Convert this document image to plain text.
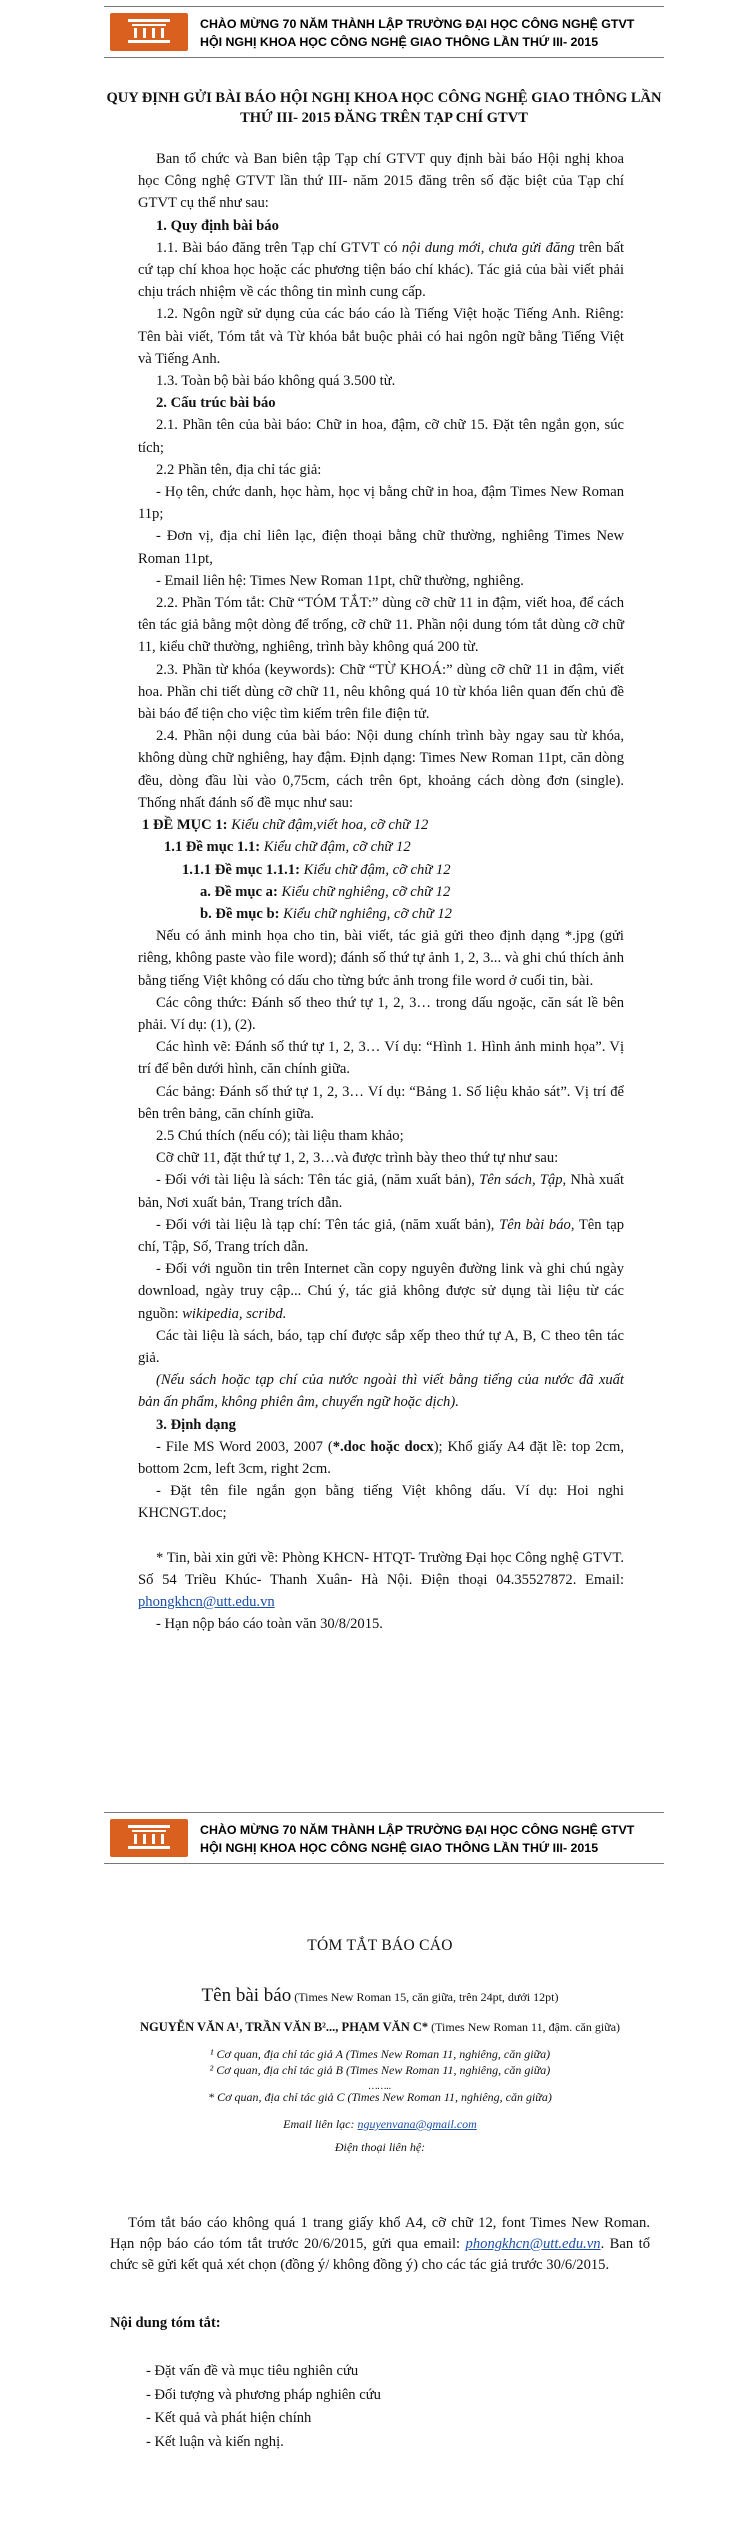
CHÀO MỪNG 70 NĂM THÀNH LẬP TRƯỜNG ĐẠI HỌC CÔNG NGHỆ GTVT
HỘI NGHỊ KHOA HỌC CÔNG NGHỆ GIAO THÔNG LẦN THỨ III- 2015
QUY ĐỊNH GỬI BÀI BÁO HỘI NGHỊ KHOA HỌC CÔNG NGHỆ GIAO THÔNG LẦN THỨ III- 2015 ĐĂNG TRÊN TẠP CHÍ GTVT

Ban tổ chức và Ban biên tập Tạp chí GTVT quy định bài báo Hội nghị khoa học Công nghệ GTVT lần thứ III- năm 2015 đăng trên số đặc biệt của Tạp chí GTVT cụ thể như sau:

1. Quy định bài báo

1.1. Bài báo đăng trên Tạp chí GTVT có nội dung mới, chưa gửi đăng trên bất cứ tạp chí khoa học hoặc các phương tiện báo chí khác). Tác giả của bài viết phải chịu trách nhiệm về các thông tin mình cung cấp.

1.2. Ngôn ngữ sử dụng của các báo cáo là Tiếng Việt hoặc Tiếng Anh. Riêng: Tên bài viết, Tóm tắt và Từ khóa bắt buộc phải có hai ngôn ngữ bằng Tiếng Việt và Tiếng Anh.

1.3. Toàn bộ bài báo không quá 3.500 từ.

2. Cấu trúc bài báo

2.1. Phần tên của bài báo: Chữ in hoa, đậm, cỡ chữ 15. Đặt tên ngắn gọn, súc tích;

2.2 Phần tên, địa chỉ tác giả:

- Họ tên, chức danh, học hàm, học vị bằng chữ in hoa, đậm Times New Roman 11p;

- Đơn vị, địa chỉ liên lạc, điện thoại bằng chữ thường, nghiêng Times New Roman 11pt,

- Email liên hệ: Times New Roman 11pt, chữ thường, nghiêng.

2.2. Phần Tóm tắt: Chữ “TÓM TẮT:” dùng cỡ chữ 11 in đậm, viết hoa, để cách tên tác giả bằng một dòng để trống, cỡ chữ 11. Phần nội dung tóm tắt dùng cỡ chữ 11, kiểu chữ thường, nghiêng, trình bày không quá 200 từ.

2.3. Phần từ khóa (keywords): Chữ “TỪ KHOÁ:” dùng cỡ chữ 11 in đậm, viết hoa. Phần chi tiết dùng cỡ chữ 11, nêu không quá 10 từ khóa liên quan đến chủ đề bài báo để tiện cho việc tìm kiếm trên file điện tử.

2.4. Phần nội dung của bài báo: Nội dung chính trình bày ngay sau từ khóa, không dùng chữ nghiêng, hay đậm. Định dạng: Times New Roman 11pt, căn dòng đều, dòng đầu lùi vào 0,75cm, cách trên 6pt, khoảng cách dòng đơn (single). Thống nhất đánh số đề mục như sau:

1 ĐỀ MỤC 1: Kiểu chữ đậm,viết hoa, cỡ chữ 12

1.1 Đề mục 1.1: Kiểu chữ đậm, cỡ chữ 12

1.1.1 Đề mục 1.1.1: Kiểu chữ đậm, cỡ chữ 12

a. Đề mục a: Kiểu chữ nghiêng, cỡ chữ 12

b. Đề mục b: Kiểu chữ nghiêng, cỡ chữ 12

Nếu có ảnh minh họa cho tin, bài viết, tác giả gửi theo định dạng *.jpg (gửi riêng, không paste vào file word); đánh số thứ tự ảnh 1, 2, 3... và ghi chú thích ảnh bằng tiếng Việt không có dấu cho từng bức ảnh trong file word ở cuối tin, bài.

Các công thức: Đánh số theo thứ tự 1, 2, 3… trong dấu ngoặc, căn sát lề bên phải. Ví dụ: (1), (2).

Các hình vẽ: Đánh số thứ tự 1, 2, 3… Ví dụ: “Hình 1. Hình ảnh minh họa”. Vị trí để bên dưới hình, căn chính giữa.

Các bảng: Đánh số thứ tự 1, 2, 3… Ví dụ: “Bảng 1. Số liệu khảo sát”. Vị trí để bên trên bảng, căn chính giữa.

2.5 Chú thích (nếu có); tài liệu tham khảo;

Cỡ chữ 11, đặt thứ tự 1, 2, 3…và được trình bày theo thứ tự như sau:

- Đối với tài liệu là sách: Tên tác giả, (năm xuất bản), Tên sách, Tập, Nhà xuất bản, Nơi xuất bản, Trang trích dẫn.

- Đối với tài liệu là tạp chí: Tên tác giả, (năm xuất bản), Tên bài báo, Tên tạp chí, Tập, Số, Trang trích dẫn.

- Đối với nguồn tin trên Internet cần copy nguyên đường link và ghi chú ngày download, ngày truy cập... Chú ý, tác giả không được sử dụng tài liệu từ các nguồn: wikipedia, scribd.

Các tài liệu là sách, báo, tạp chí được sắp xếp theo thứ tự A, B, C theo tên tác giả.

(Nếu sách hoặc tạp chí của nước ngoài thì viết bằng tiếng của nước đã xuất bản ấn phẩm, không phiên âm, chuyển ngữ hoặc dịch).

3. Định dạng

- File MS Word 2003, 2007 (*.doc hoặc docx); Khổ giấy A4 đặt lề: top 2cm, bottom 2cm, left 3cm, right 2cm.

- Đặt tên file ngắn gọn bằng tiếng Việt không dấu. Ví dụ: Hoi nghi KHCNGT.doc;

* Tin, bài xin gửi về: Phòng KHCN- HTQT- Trường Đại học Công nghệ GTVT. Số 54 Triều Khúc- Thanh Xuân- Hà Nội. Điện thoại 04.35527872. Email: phongkhcn@utt.edu.vn

- Hạn nộp báo cáo toàn văn 30/8/2015.

CHÀO MỪNG 70 NĂM THÀNH LẬP TRƯỜNG ĐẠI HỌC CÔNG NGHỆ GTVT
HỘI NGHỊ KHOA HỌC CÔNG NGHỆ GIAO THÔNG LẦN THỨ III- 2015
TÓM TẮT BÁO CÁO
Tên bài báo (Times New Roman 15, căn giữa, trên 24pt, dưới 12pt)
NGUYỄN VĂN A¹, TRẦN VĂN B²..., PHẠM VĂN C* (Times New Roman 11, đậm. căn giữa)
¹ Cơ quan, địa chỉ tác giả A (Times New Roman 11, nghiêng, căn giữa)
² Cơ quan, địa chỉ tác giả B (Times New Roman 11, nghiêng, căn giữa)
……..
* Cơ quan, địa chỉ tác giả C (Times New Roman 11, nghiêng, căn giữa)
Email liên lạc: nguyenvana@gmail.com
Điện thoại liên hệ:

Tóm tắt báo cáo không quá 1 trang giấy khổ A4, cỡ chữ 12, font Times New Roman. Hạn nộp báo cáo tóm tắt trước 20/6/2015, gửi qua email: phongkhcn@utt.edu.vn. Ban tổ chức sẽ gửi kết quả xét chọn (đồng ý/ không đồng ý) cho các tác giả trước 30/6/2015.

Nội dung tóm tắt:
- Đặt vấn đề và mục tiêu nghiên cứu
- Đối tượng và phương pháp nghiên cứu
- Kết quả và phát hiện chính
- Kết luận và kiến nghị.
